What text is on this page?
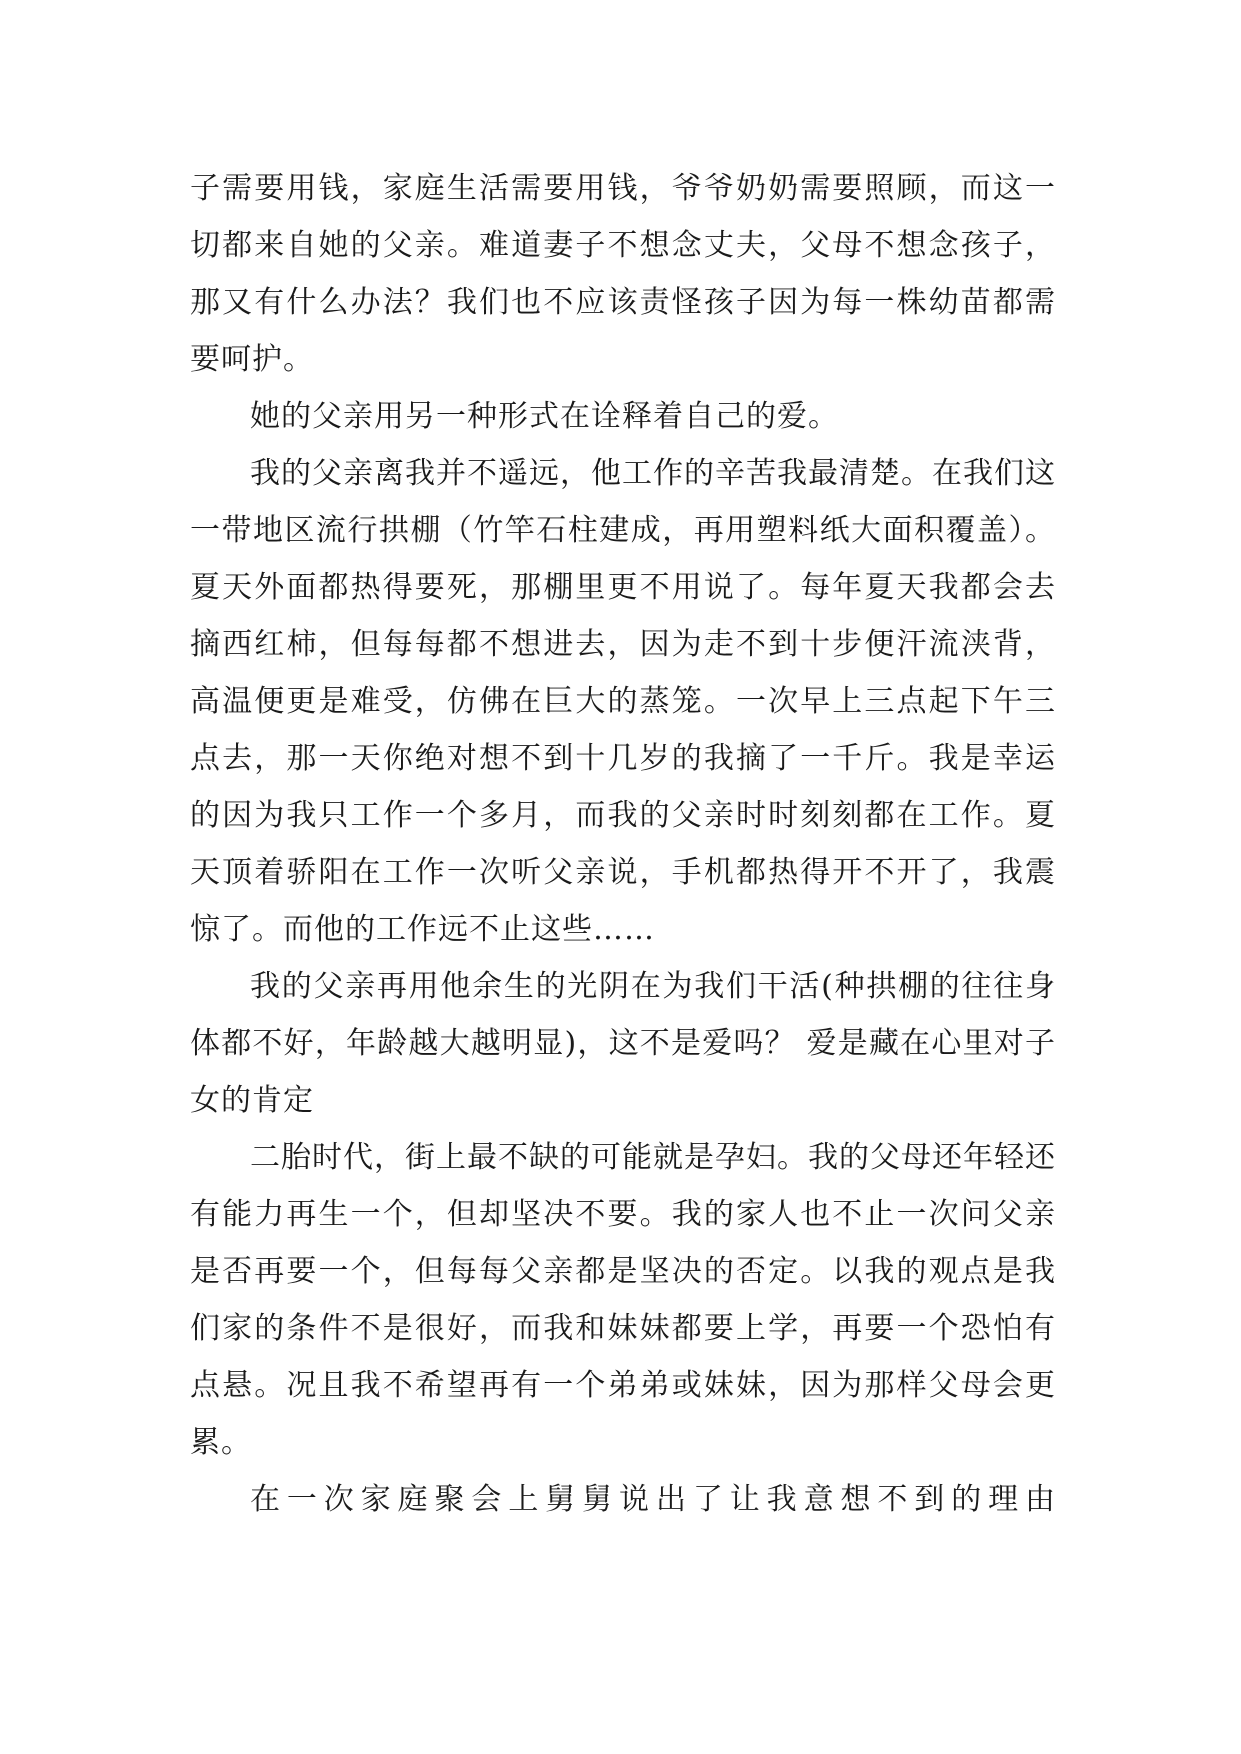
子需要用钱，家庭生活需要用钱，爷爷奶奶需要照顾，而这一切都来自她的父亲。难道妻子不想念丈夫，父母不想念孩子，那又有什么办法？我们也不应该责怪孩子因为每一株幼苗都需要呵护。

她的父亲用另一种形式在诠释着自己的爱。

我的父亲离我并不遥远，他工作的辛苦我最清楚。在我们这一带地区流行拱棚（竹竿石柱建成，再用塑料纸大面积覆盖）。夏天外面都热得要死，那棚里更不用说了。每年夏天我都会去摘西红柿，但每每都不想进去，因为走不到十步便汗流浃背，高温便更是难受，仿佛在巨大的蒸笼。一次早上三点起下午三点去，那一天你绝对想不到十几岁的我摘了一千斤。我是幸运的因为我只工作一个多月，而我的父亲时时刻刻都在工作。夏天顶着骄阳在工作一次听父亲说，手机都热得开不开了，我震惊了。而他的工作远不止这些……

我的父亲再用他余生的光阴在为我们干活(种拱棚的往往身体都不好，年龄越大越明显)，这不是爱吗？ 爱是藏在心里对子女的肯定

二胎时代，街上最不缺的可能就是孕妇。我的父母还年轻还有能力再生一个，但却坚决不要。我的家人也不止一次问父亲是否再要一个，但每每父亲都是坚决的否定。以我的观点是我们家的条件不是很好，而我和妹妹都要上学，再要一个恐怕有点悬。况且我不希望再有一个弟弟或妹妹，因为那样父母会更累。

在一次家庭聚会上舅舅说出了让我意想不到的理由
